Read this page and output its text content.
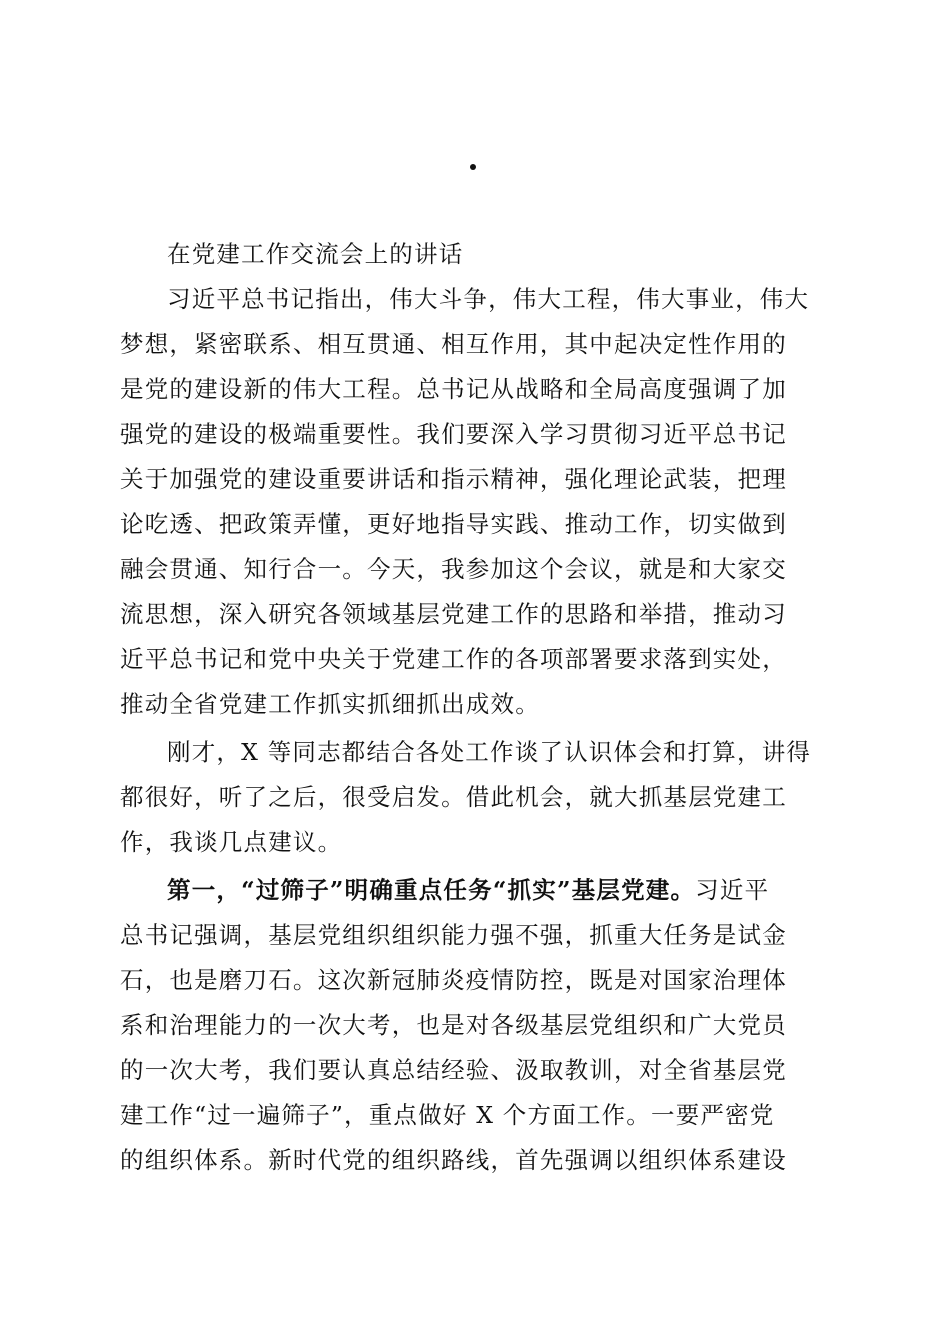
在党建工作交流会上的讲话

习近平总书记指出，伟大斗争，伟大工程，伟大事业，伟大
梦想，紧密联系、相互贯通、相互作用，其中起决定性作用的
是党的建设新的伟大工程。总书记从战略和全局高度强调了加
强党的建设的极端重要性。我们要深入学习贯彻习近平总书记
关于加强党的建设重要讲话和指示精神，强化理论武装，把理
论吃透、把政策弄懂，更好地指导实践、推动工作，切实做到
融会贯通、知行合一。今天，我参加这个会议，就是和大家交
流思想，深入研究各领域基层党建工作的思路和举措，推动习
近平总书记和党中央关于党建工作的各项部署要求落到实处，
推动全省党建工作抓实抓细抓出成效。

刚才，X 等同志都结合各处工作谈了认识体会和打算，讲得
都很好，听了之后，很受启发。借此机会，就大抓基层党建工
作，我谈几点建议。

第一，“过筛子”明确重点任务“抓实”基层党建。习近平
总书记强调，基层党组织组织能力强不强，抓重大任务是试金
石，也是磨刀石。这次新冠肺炎疫情防控，既是对国家治理体
系和治理能力的一次大考，也是对各级基层党组织和广大党员
的一次大考，我们要认真总结经验、汲取教训，对全省基层党
建工作“过一遍筛子”，重点做好 X 个方面工作。一要严密党
的组织体系。新时代党的组织路线，首先强调以组织体系建设
